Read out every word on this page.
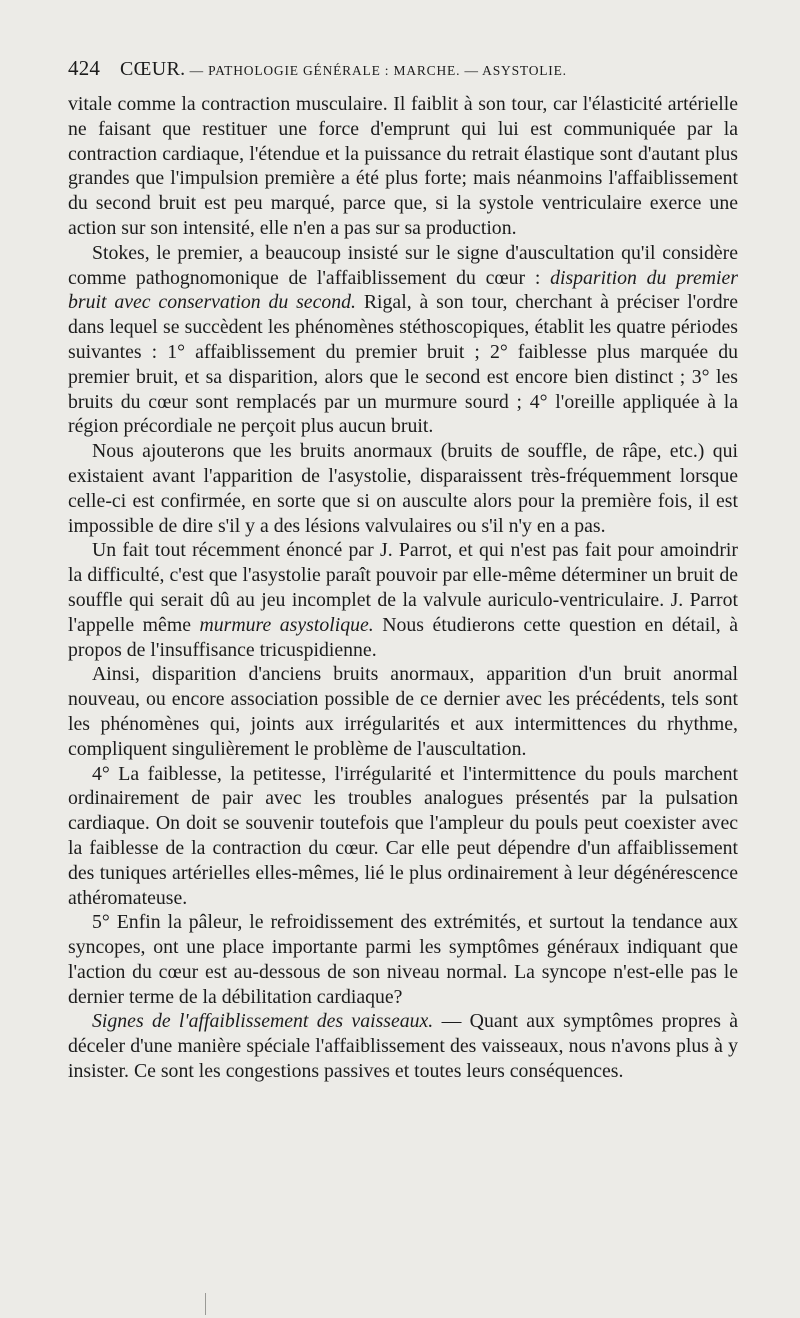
424 CŒUR. — PATHOLOGIE GÉNÉRALE : MARCHE. — ASYSTOLIE.

vitale comme la contraction musculaire. Il faiblit à son tour, car l'élasticité artérielle ne faisant que restituer une force d'emprunt qui lui est communiquée par la contraction cardiaque, l'étendue et la puissance du retrait élastique sont d'autant plus grandes que l'impulsion première a été plus forte; mais néanmoins l'affaiblissement du second bruit est peu marqué, parce que, si la systole ventriculaire exerce une action sur son intensité, elle n'en a pas sur sa production.

Stokes, le premier, a beaucoup insisté sur le signe d'auscultation qu'il considère comme pathognomonique de l'affaiblissement du cœur : disparition du premier bruit avec conservation du second. Rigal, à son tour, cherchant à préciser l'ordre dans lequel se succèdent les phénomènes stéthoscopiques, établit les quatre périodes suivantes : 1° affaiblissement du premier bruit ; 2° faiblesse plus marquée du premier bruit, et sa disparition, alors que le second est encore bien distinct ; 3° les bruits du cœur sont remplacés par un murmure sourd ; 4° l'oreille appliquée à la région précordiale ne perçoit plus aucun bruit.

Nous ajouterons que les bruits anormaux (bruits de souffle, de râpe, etc.) qui existaient avant l'apparition de l'asystolie, disparaissent très-fréquemment lorsque celle-ci est confirmée, en sorte que si on ausculte alors pour la première fois, il est impossible de dire s'il y a des lésions valvulaires ou s'il n'y en a pas.

Un fait tout récemment énoncé par J. Parrot, et qui n'est pas fait pour amoindrir la difficulté, c'est que l'asystolie paraît pouvoir par elle-même déterminer un bruit de souffle qui serait dû au jeu incomplet de la valvule auriculo-ventriculaire. J. Parrot l'appelle même murmure asystolique. Nous étudierons cette question en détail, à propos de l'insuffisance tricuspidienne.

Ainsi, disparition d'anciens bruits anormaux, apparition d'un bruit anormal nouveau, ou encore association possible de ce dernier avec les précédents, tels sont les phénomènes qui, joints aux irrégularités et aux intermittences du rhythme, compliquent singulièrement le problème de l'auscultation.

4° La faiblesse, la petitesse, l'irrégularité et l'intermittence du pouls marchent ordinairement de pair avec les troubles analogues présentés par la pulsation cardiaque. On doit se souvenir toutefois que l'ampleur du pouls peut coexister avec la faiblesse de la contraction du cœur. Car elle peut dépendre d'un affaiblissement des tuniques artérielles elles-mêmes, lié le plus ordinairement à leur dégénérescence athéromateuse.

5° Enfin la pâleur, le refroidissement des extrémités, et surtout la tendance aux syncopes, ont une place importante parmi les symptômes généraux indiquant que l'action du cœur est au-dessous de son niveau normal. La syncope n'est-elle pas le dernier terme de la débilitation cardiaque?

Signes de l'affaiblissement des vaisseaux. — Quant aux symptômes propres à déceler d'une manière spéciale l'affaiblissement des vaisseaux, nous n'avons plus à y insister. Ce sont les congestions passives et toutes leurs conséquences.
